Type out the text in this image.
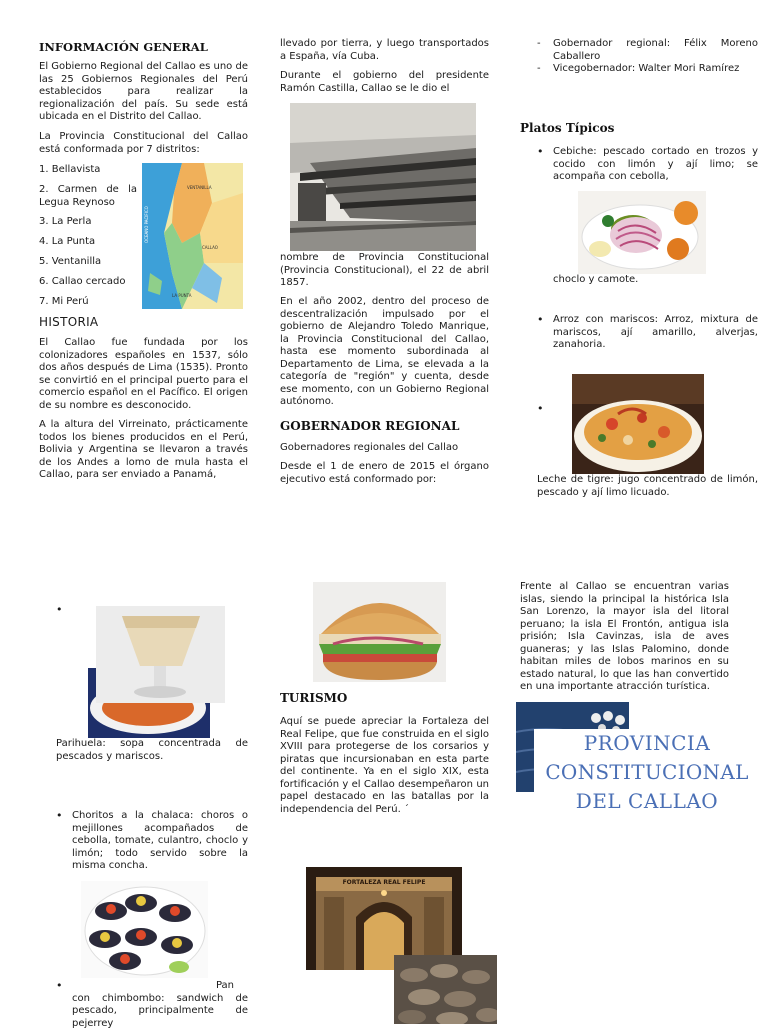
INFORMACIÓN GENERAL

El Gobierno Regional del Callao es uno de las 25 Gobiernos Regionales del Perú establecidos para realizar la regionalización del país. Su sede está ubicada en el Distrito del Callao.

La Provincia Constitucional del Callao está conformada por 7 distritos:

1. Bellavista
2. Carmen de la Legua Reynoso
3. La Perla
4. La Punta
5. Ventanilla
6. Callao cercado
7. Mi Perú
VENTANILLA
OCEANO PACIFICO
CALLAO
LA PUNTA
HISTORIA

El Callao fue fundada por los colonizadores españoles en 1537, sólo dos años después de Lima (1535). Pronto se convirtió en el principal puerto para el comercio español en el Pacífico. El origen de su nombre es desconocido.

A la altura del Virreinato, prácticamente todos los bienes producidos en el Perú, Bolivia y Argentina se llevaron a través de los Andes a lomo de mula hasta el Callao, para ser enviado a Panamá,

llevado por tierra, y luego transportados a España, vía Cuba.

Durante el gobierno del presidente Ramón Castilla, Callao se le dio el

nombre de Provincia Constitucional (Provincia Constitucional), el 22 de abril 1857.

En el año 2002, dentro del proceso de descentralización impulsado por el gobierno de Alejandro Toledo Manrique, la Provincia Constitucional del Callao, hasta ese momento subordinada al Departamento de Lima, se elevada a la categoría de "región" y cuenta, desde ese momento, con un Gobierno Regional autónomo.

GOBERNADOR REGIONAL

Gobernadores regionales del Callao

Desde el 1 de enero de 2015 el órgano ejecutivo está conformado por:

- Gobernador regional: Félix Moreno Caballero
- Vicegobernador: Walter Mori Ramírez
Platos Típicos
• Cebiche: pescado cortado en trozos y cocido con limón y ají limo; se acompaña con cebolla,
choclo y camote.
• Arroz con mariscos: Arroz, mixtura de mariscos, ají amarillo, alverjas, zanahoria.
Leche de tigre: jugo concentrado de limón, pescado y ají limo licuado.
Parihuela: sopa concentrada de pescados y mariscos.
• Choritos a la chalaca: choros o mejillones acompañados de cebolla, tomate, culantro, choclo y limón; todo servido sobre la misma concha.
• Pan
con chimbombo: sandwich de pescado, principalmente de pejerrey
TURISMO

Aquí se puede apreciar la Fortaleza del Real Felipe, que fue construida en el siglo XVIII para protegerse de los corsarios y piratas que incursionaban en esta parte del continente. Ya en el siglo XIX, esta fortificación y el Callao desempeñaron un papel destacado en las batallas por la independencia del Perú. ´

FORTALEZA REAL FELIPE

Frente al Callao se encuentran varias islas, siendo la principal la histórica Isla San Lorenzo, la mayor isla del litoral peruano; la isla El Frontón, antigua isla prisión; Isla Cavinzas, isla de aves guaneras; y las Islas Palomino, donde habitan miles de lobos marinos en su estado natural, lo que las han convertido en una importante atracción turística.

PROVINCIA
CONSTITUCIONAL
DEL CALLAO
